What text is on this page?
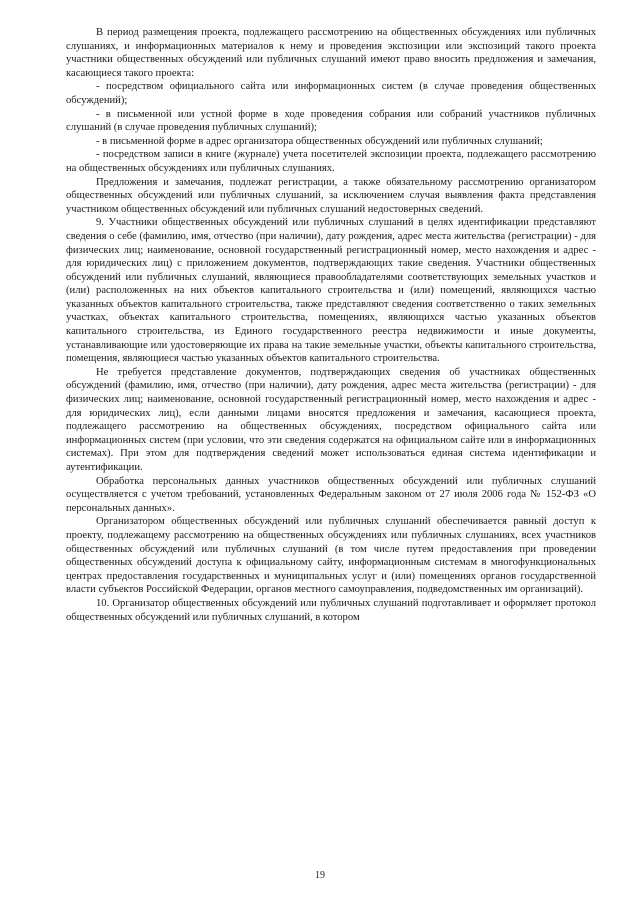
В период размещения проекта, подлежащего рассмотрению на общественных обсуждениях или публичных слушаниях, и информационных материалов к нему и проведения экспозиции или экспозиций такого проекта участники общественных обсуждений или публичных слушаний имеют право вносить предложения и замечания, касающиеся такого проекта:

- посредством официального сайта или информационных систем (в случае проведения общественных обсуждений);

- в письменной или устной форме в ходе проведения собрания или собраний участников публичных слушаний (в случае проведения публичных слушаний);

- в письменной форме в адрес организатора общественных обсуждений или публичных слушаний;

- посредством записи в книге (журнале) учета посетителей экспозиции проекта, подлежащего рассмотрению на общественных обсуждениях или публичных слушаниях.

Предложения и замечания, подлежат регистрации, а также обязательному рассмотрению организатором общественных обсуждений или публичных слушаний, за исключением случая выявления факта представления участником общественных обсуждений или публичных слушаний недостоверных сведений.

9. Участники общественных обсуждений или публичных слушаний в целях идентификации представляют сведения о себе (фамилию, имя, отчество (при наличии), дату рождения, адрес места жительства (регистрации) - для физических лиц; наименование, основной государственный регистрационный номер, место нахождения и адрес - для юридических лиц) с приложением документов, подтверждающих такие сведения. Участники общественных обсуждений или публичных слушаний, являющиеся правообладателями соответствующих земельных участков и (или) расположенных на них объектов капитального строительства и (или) помещений, являющихся частью указанных объектов капитального строительства, также представляют сведения соответственно о таких земельных участках, объектах капитального строительства, помещениях, являющихся частью указанных объектов капитального строительства, из Единого государственного реестра недвижимости и иные документы, устанавливающие или удостоверяющие их права на такие земельные участки, объекты капитального строительства, помещения, являющиеся частью указанных объектов капитального строительства.

Не требуется представление документов, подтверждающих сведения об участниках общественных обсуждений (фамилию, имя, отчество (при наличии), дату рождения, адрес места жительства (регистрации) - для физических лиц; наименование, основной государственный регистрационный номер, место нахождения и адрес - для юридических лиц), если данными лицами вносятся предложения и замечания, касающиеся проекта, подлежащего рассмотрению на общественных обсуждениях, посредством официального сайта или информационных систем (при условии, что эти сведения содержатся на официальном сайте или в информационных системах). При этом для подтверждения сведений может использоваться единая система идентификации и аутентификации.

Обработка персональных данных участников общественных обсуждений или публичных слушаний осуществляется с учетом требований, установленных Федеральным законом от 27 июля 2006 года № 152-ФЗ «О персональных данных».

Организатором общественных обсуждений или публичных слушаний обеспечивается равный доступ к проекту, подлежащему рассмотрению на общественных обсуждениях или публичных слушаниях, всех участников общественных обсуждений или публичных слушаний (в том числе путем предоставления при проведении общественных обсуждений доступа к официальному сайту, информационным системам в многофункциональных центрах предоставления государственных и муниципальных услуг и (или) помещениях органов государственной власти субъектов Российской Федерации, органов местного самоуправления, подведомственных им организаций).

10. Организатор общественных обсуждений или публичных слушаний подготавливает и оформляет протокол общественных обсуждений или публичных слушаний, в котором

19
